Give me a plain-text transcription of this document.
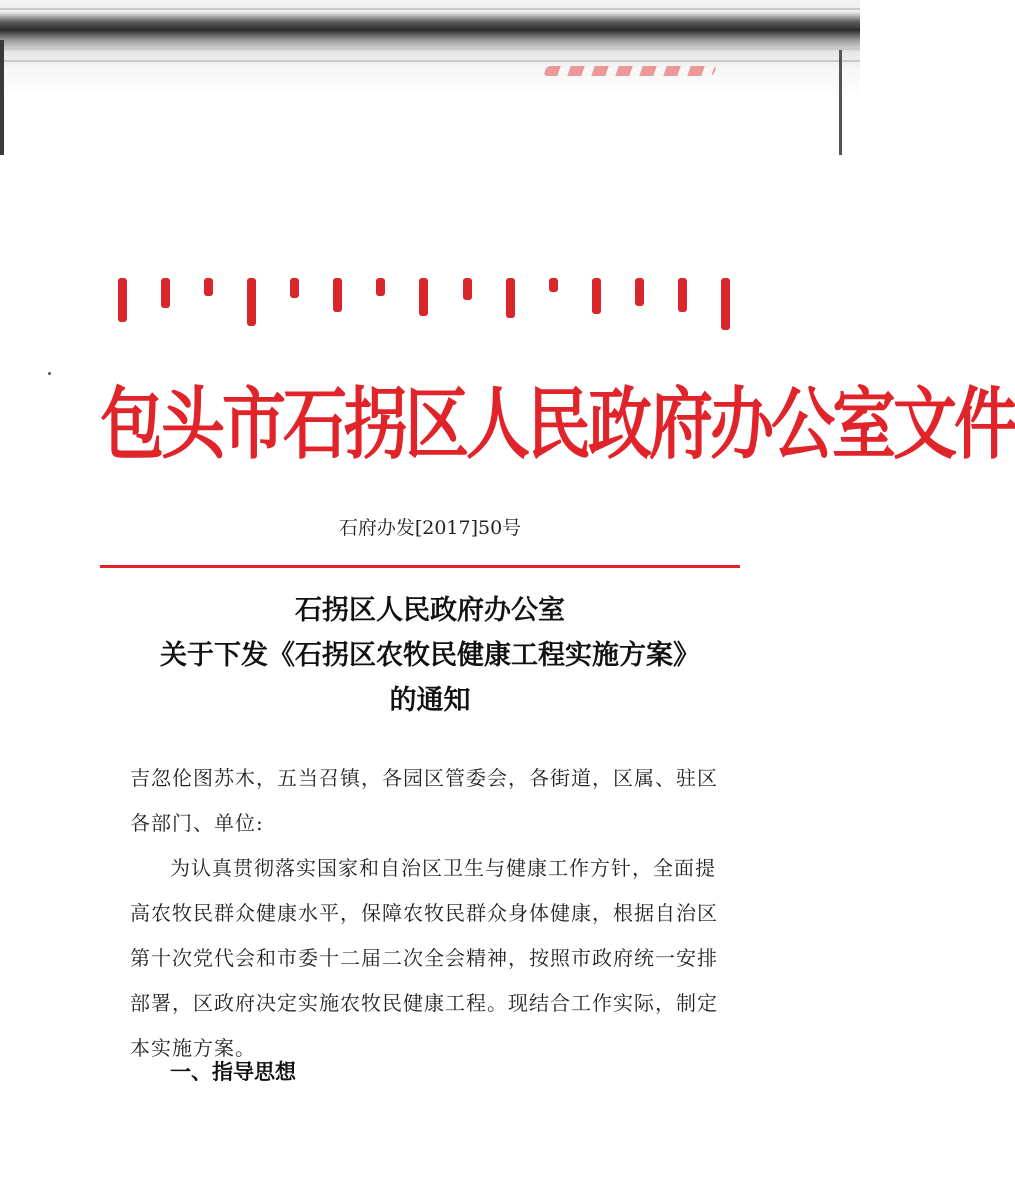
包头市石拐区人民政府办公室文件
石府办发[2017]50号
石拐区人民政府办公室
关于下发《石拐区农牧民健康工程实施方案》
的通知

吉忽伦图苏木，五当召镇，各园区管委会，各街道，区属、驻区各部门、单位:

为认真贯彻落实国家和自治区卫生与健康工作方针，全面提高农牧民群众健康水平，保障农牧民群众身体健康，根据自治区第十次党代会和市委十二届二次全会精神，按照市政府统一安排部署，区政府决定实施农牧民健康工程。现结合工作实际，制定本实施方案。

一、指导思想
